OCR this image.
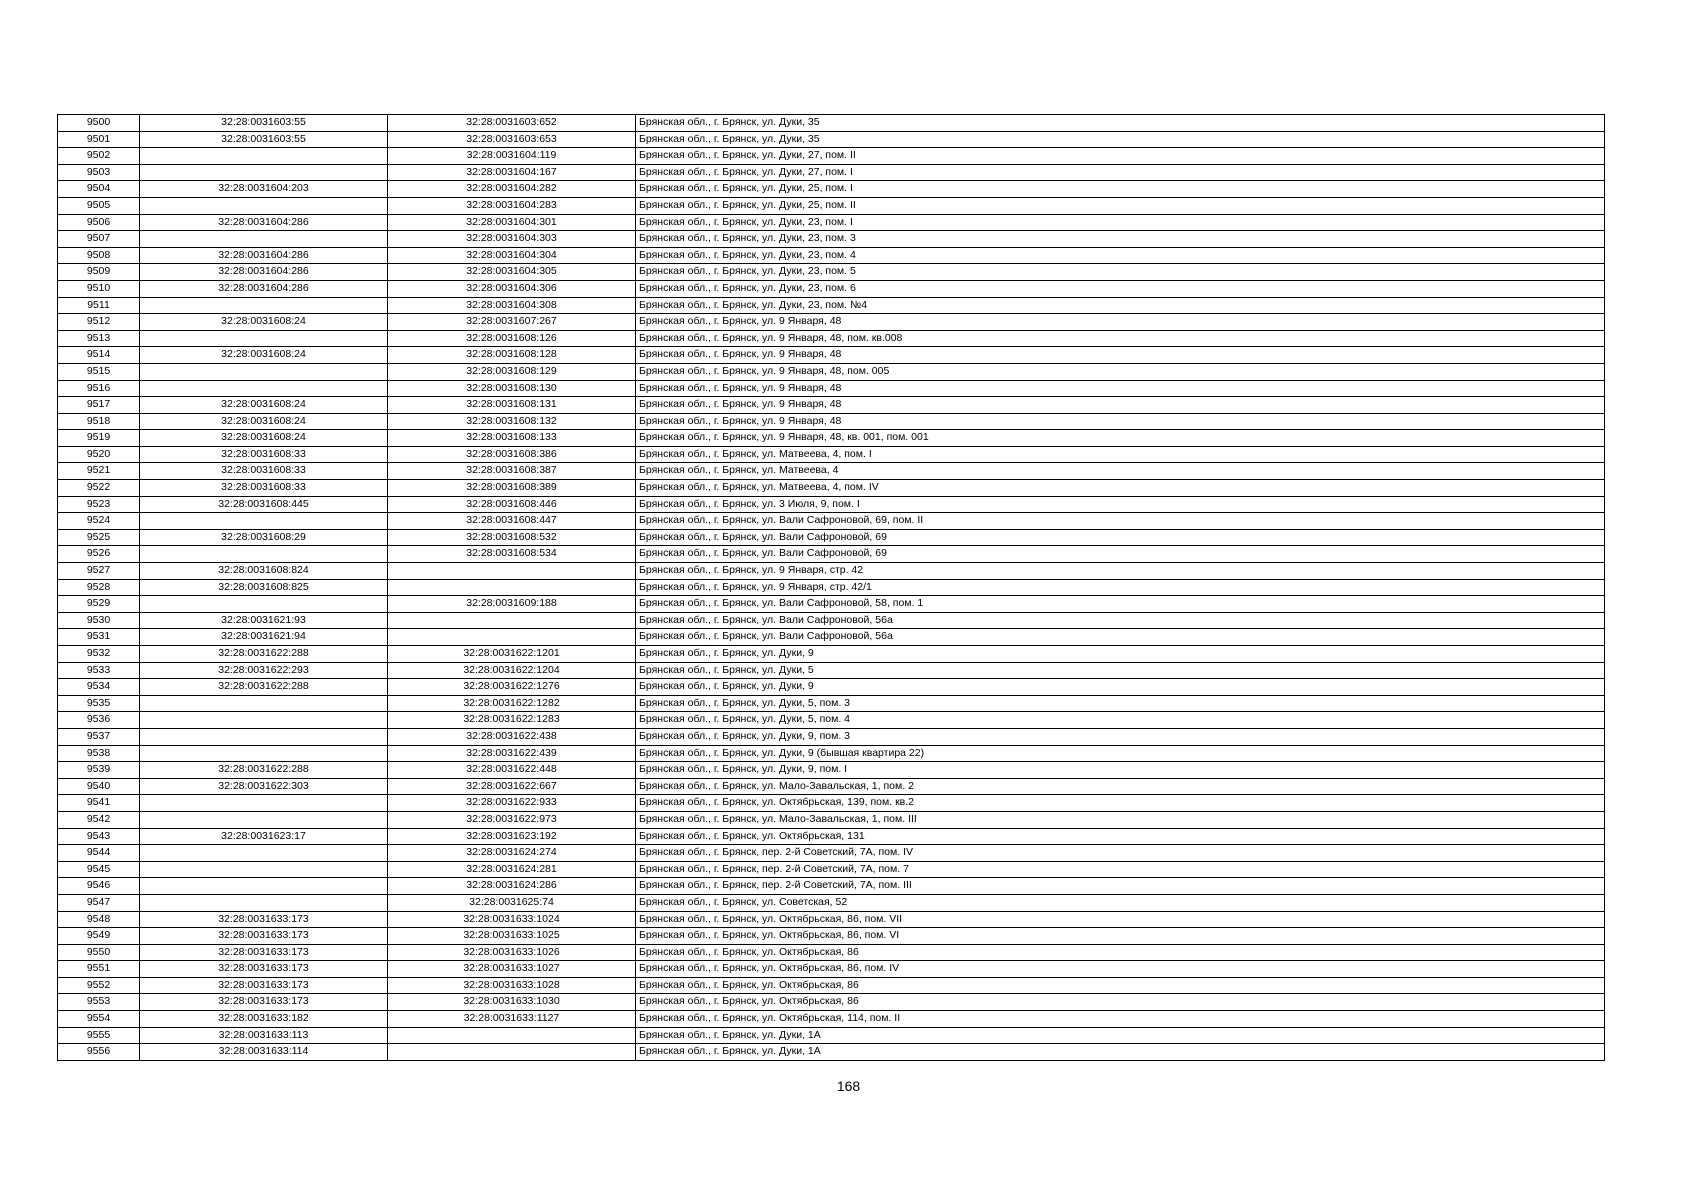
9500	32:28:0031603:55	32:28:0031603:652	Брянская обл., г. Брянск, ул. Дуки, 35
9501	32:28:0031603:55	32:28:0031603:653	Брянская обл., г. Брянск, ул. Дуки, 35
9502		32:28:0031604:119	Брянская обл., г. Брянск, ул. Дуки, 27, пом. II
9503		32:28:0031604:167	Брянская обл., г. Брянск, ул. Дуки, 27, пом. I
9504	32:28:0031604:203	32:28:0031604:282	Брянская обл., г. Брянск, ул. Дуки, 25, пом. I
9505		32:28:0031604:283	Брянская обл., г. Брянск, ул. Дуки, 25, пом. II
9506	32:28:0031604:286	32:28:0031604:301	Брянская обл., г. Брянск, ул. Дуки, 23, пом. I
9507		32:28:0031604:303	Брянская обл., г. Брянск, ул. Дуки, 23, пом. 3
9508	32:28:0031604:286	32:28:0031604:304	Брянская обл., г. Брянск, ул. Дуки, 23, пом. 4
9509	32:28:0031604:286	32:28:0031604:305	Брянская обл., г. Брянск, ул. Дуки, 23, пом. 5
9510	32:28:0031604:286	32:28:0031604:306	Брянская обл., г. Брянск, ул. Дуки, 23, пом. 6
9511		32:28:0031604:308	Брянская обл., г. Брянск, ул. Дуки, 23, пом. №4
9512	32:28:0031608:24	32:28:0031607:267	Брянская обл., г. Брянск, ул. 9 Января, 48
9513		32:28:0031608:126	Брянская обл., г. Брянск, ул. 9 Января, 48, пом. кв.008
9514	32:28:0031608:24	32:28:0031608:128	Брянская обл., г. Брянск, ул. 9 Января, 48
9515		32:28:0031608:129	Брянская обл., г. Брянск, ул. 9 Января, 48, пом. 005
9516		32:28:0031608:130	Брянская обл., г. Брянск, ул. 9 Января, 48
9517	32:28:0031608:24	32:28:0031608:131	Брянская обл., г. Брянск, ул. 9 Января, 48
9518	32:28:0031608:24	32:28:0031608:132	Брянская обл., г. Брянск, ул. 9 Января, 48
9519	32:28:0031608:24	32:28:0031608:133	Брянская обл., г. Брянск, ул. 9 Января, 48, кв. 001, пом. 001
9520	32:28:0031608:33	32:28:0031608:386	Брянская обл., г. Брянск, ул. Матвеева, 4, пом. I
9521	32:28:0031608:33	32:28:0031608:387	Брянская обл., г. Брянск, ул. Матвеева, 4
9522	32:28:0031608:33	32:28:0031608:389	Брянская обл., г. Брянск, ул. Матвеева, 4, пом. IV
9523	32:28:0031608:445	32:28:0031608:446	Брянская обл., г. Брянск, ул. 3 Июля, 9, пом. I
9524		32:28:0031608:447	Брянская обл., г. Брянск, ул. Вали Сафроновой, 69, пом. II
9525	32:28:0031608:29	32:28:0031608:532	Брянская обл., г. Брянск, ул. Вали Сафроновой, 69
9526		32:28:0031608:534	Брянская обл., г. Брянск, ул. Вали Сафроновой, 69
9527	32:28:0031608:824		Брянская обл., г. Брянск, ул. 9 Января, стр. 42
9528	32:28:0031608:825		Брянская обл., г. Брянск, ул. 9 Января, стр. 42/1
9529		32:28:0031609:188	Брянская обл., г. Брянск, ул. Вали Сафроновой, 58, пом. 1
9530	32:28:0031621:93		Брянская обл., г. Брянск, ул. Вали Сафроновой, 56а
9531	32:28:0031621:94		Брянская обл., г. Брянск, ул. Вали Сафроновой, 56а
9532	32:28:0031622:288	32:28:0031622:1201	Брянская обл., г. Брянск, ул. Дуки, 9
9533	32:28:0031622:293	32:28:0031622:1204	Брянская обл., г. Брянск, ул. Дуки, 5
9534	32:28:0031622:288	32:28:0031622:1276	Брянская обл., г. Брянск, ул. Дуки, 9
9535		32:28:0031622:1282	Брянская обл., г. Брянск, ул. Дуки, 5, пом. 3
9536		32:28:0031622:1283	Брянская обл., г. Брянск, ул. Дуки, 5, пом. 4
9537		32:28:0031622:438	Брянская обл., г. Брянск, ул. Дуки, 9, пом. 3
9538		32:28:0031622:439	Брянская обл., г. Брянск, ул. Дуки, 9 (бывшая квартира 22)
9539	32:28:0031622:288	32:28:0031622:448	Брянская обл., г. Брянск, ул. Дуки, 9, пом. I
9540	32:28:0031622:303	32:28:0031622:667	Брянская обл., г. Брянск, ул. Мало-Завальская, 1, пом. 2
9541		32:28:0031622:933	Брянская обл., г. Брянск, ул. Октябрьская, 139, пом. кв.2
9542		32:28:0031622:973	Брянская обл., г. Брянск, ул. Мало-Завальская, 1, пом. III
9543	32:28:0031623:17	32:28:0031623:192	Брянская обл., г. Брянск, ул. Октябрьская, 131
9544		32:28:0031624:274	Брянская обл., г. Брянск, пер. 2-й Советский, 7А, пом. IV
9545		32:28:0031624:281	Брянская обл., г. Брянск, пер. 2-й Советский, 7А, пом. 7
9546		32:28:0031624:286	Брянская обл., г. Брянск, пер. 2-й Советский, 7А, пом. III
9547		32:28:0031625:74	Брянская обл., г. Брянск, ул. Советская, 52
9548	32:28:0031633:173	32:28:0031633:1024	Брянская обл., г. Брянск, ул. Октябрьская, 86, пом. VII
9549	32:28:0031633:173	32:28:0031633:1025	Брянская обл., г. Брянск, ул. Октябрьская, 86, пом. VI
9550	32:28:0031633:173	32:28:0031633:1026	Брянская обл., г. Брянск, ул. Октябрьская, 86
9551	32:28:0031633:173	32:28:0031633:1027	Брянская обл., г. Брянск, ул. Октябрьская, 86, пом. IV
9552	32:28:0031633:173	32:28:0031633:1028	Брянская обл., г. Брянск, ул. Октябрьская, 86
9553	32:28:0031633:173	32:28:0031633:1030	Брянская обл., г. Брянск, ул. Октябрьская, 86
9554	32:28:0031633:182	32:28:0031633:1127	Брянская обл., г. Брянск, ул. Октябрьская, 114, пом. II
9555	32:28:0031633:113		Брянская обл., г. Брянск, ул. Дуки, 1А
9556	32:28:0031633:114		Брянская обл., г. Брянск, ул. Дуки, 1А
168
